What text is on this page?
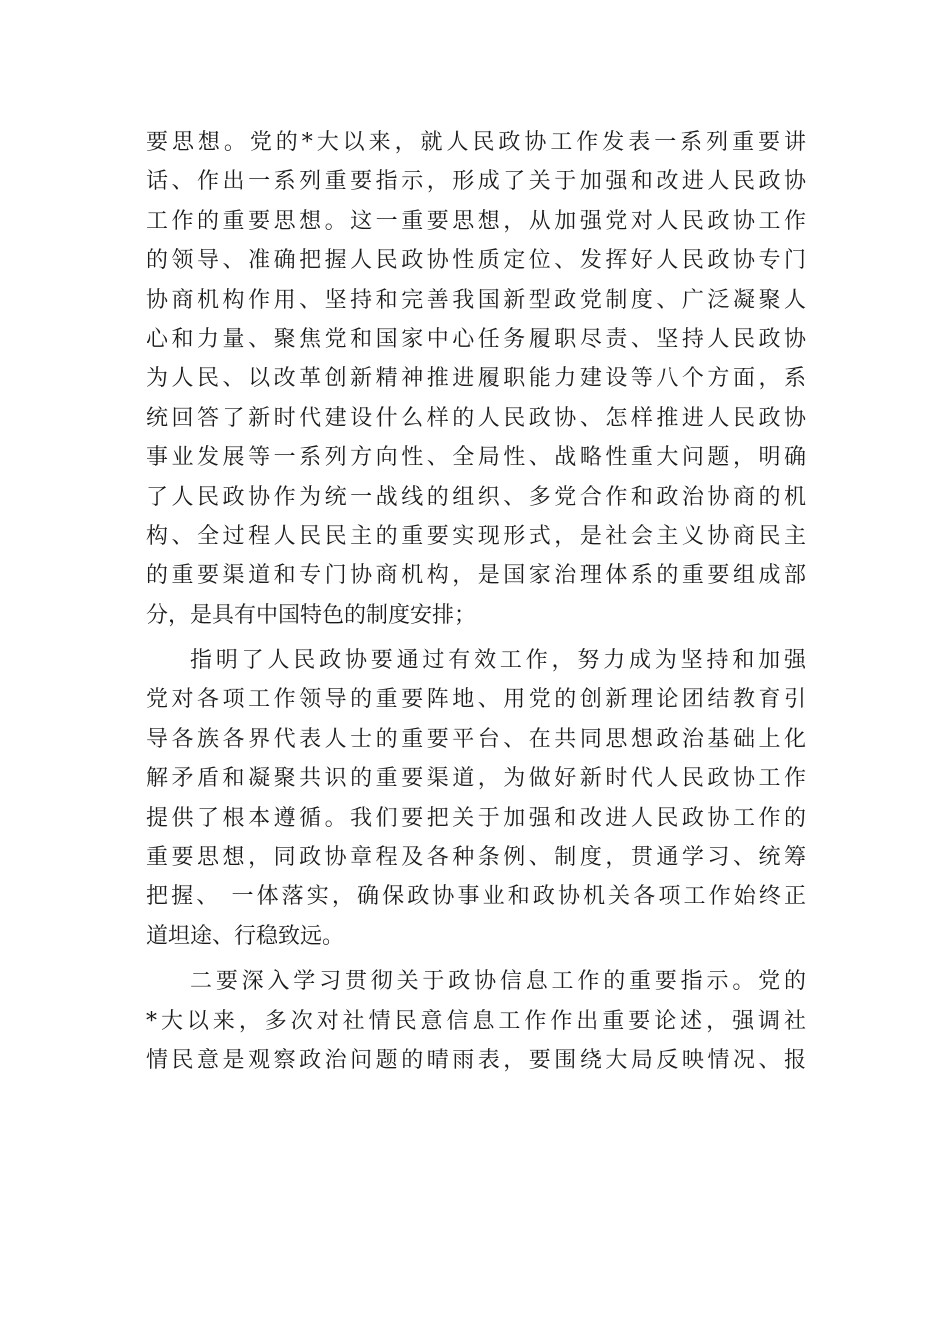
要思想。党的*大以来，就人民政协工作发表一系列重要讲
话、作出一系列重要指示，形成了关于加强和改进人民政协
工作的重要思想。这一重要思想，从加强党对人民政协工作
的领导、准确把握人民政协性质定位、发挥好人民政协专门
协商机构作用、坚持和完善我国新型政党制度、广泛凝聚人
心和力量、聚焦党和国家中心任务履职尽责、坚持人民政协
为人民、以改革创新精神推进履职能力建设等八个方面，系
统回答了新时代建设什么样的人民政协、怎样推进人民政协
事业发展等一系列方向性、全局性、战略性重大问题，明确
了人民政协作为统一战线的组织、多党合作和政治协商的机
构、全过程人民民主的重要实现形式，是社会主义协商民主
的重要渠道和专门协商机构，是国家治理体系的重要组成部
分，是具有中国特色的制度安排；
指明了人民政协要通过有效工作，努力成为坚持和加强
党对各项工作领导的重要阵地、用党的创新理论团结教育引
导各族各界代表人士的重要平台、在共同思想政治基础上化
解矛盾和凝聚共识的重要渠道，为做好新时代人民政协工作
提供了根本遵循。我们要把关于加强和改进人民政协工作的
重要思想，同政协章程及各种条例、制度，贯通学习、统筹
把握、 一体落实，确保政协事业和政协机关各项工作始终正
道坦途、行稳致远。
二要深入学习贯彻关于政协信息工作的重要指示。党的
*大以来，多次对社情民意信息工作作出重要论述，强调社
情民意是观察政治问题的晴雨表，要围绕大局反映情况、报
